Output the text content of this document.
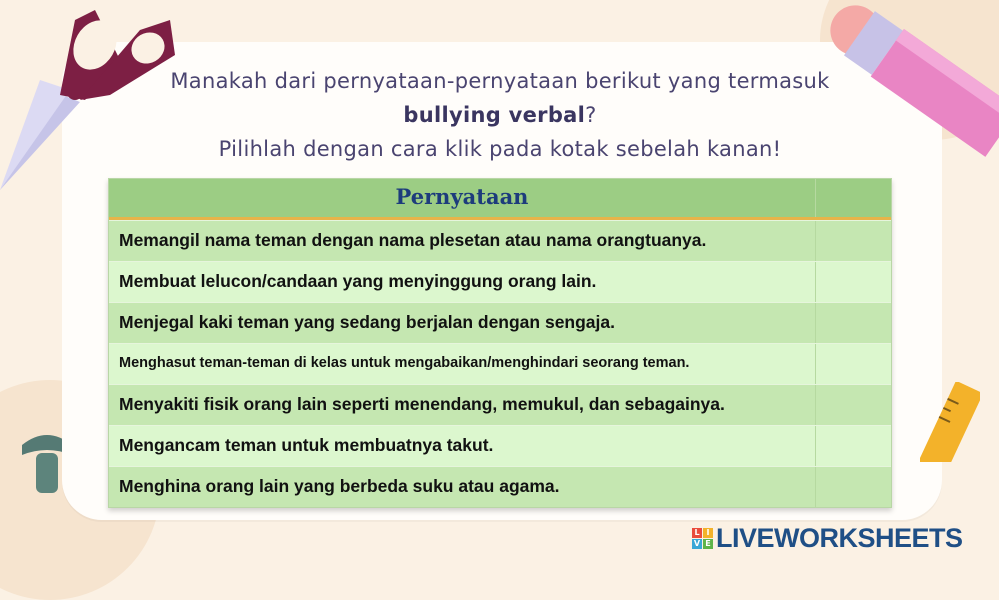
Manakah dari pernyataan-pernyataan berikut yang termasuk
bullying verbal?
Pilihlah dengan cara klik pada kotak sebelah kanan!
Pernyataan
Memangil nama teman dengan nama plesetan atau nama orangtuanya.
Membuat lelucon/candaan yang menyinggung orang lain.
Menjegal kaki teman yang sedang berjalan dengan sengaja.
Menghasut teman-teman di kelas untuk mengabaikan/menghindari seorang teman.
Menyakiti fisik orang lain seperti menendang, memukul, dan sebagainya.
Mengancam teman untuk membuatnya takut.
Menghina orang lain yang berbeda suku atau agama.
L I
V E LIVEWORKSHEETS
